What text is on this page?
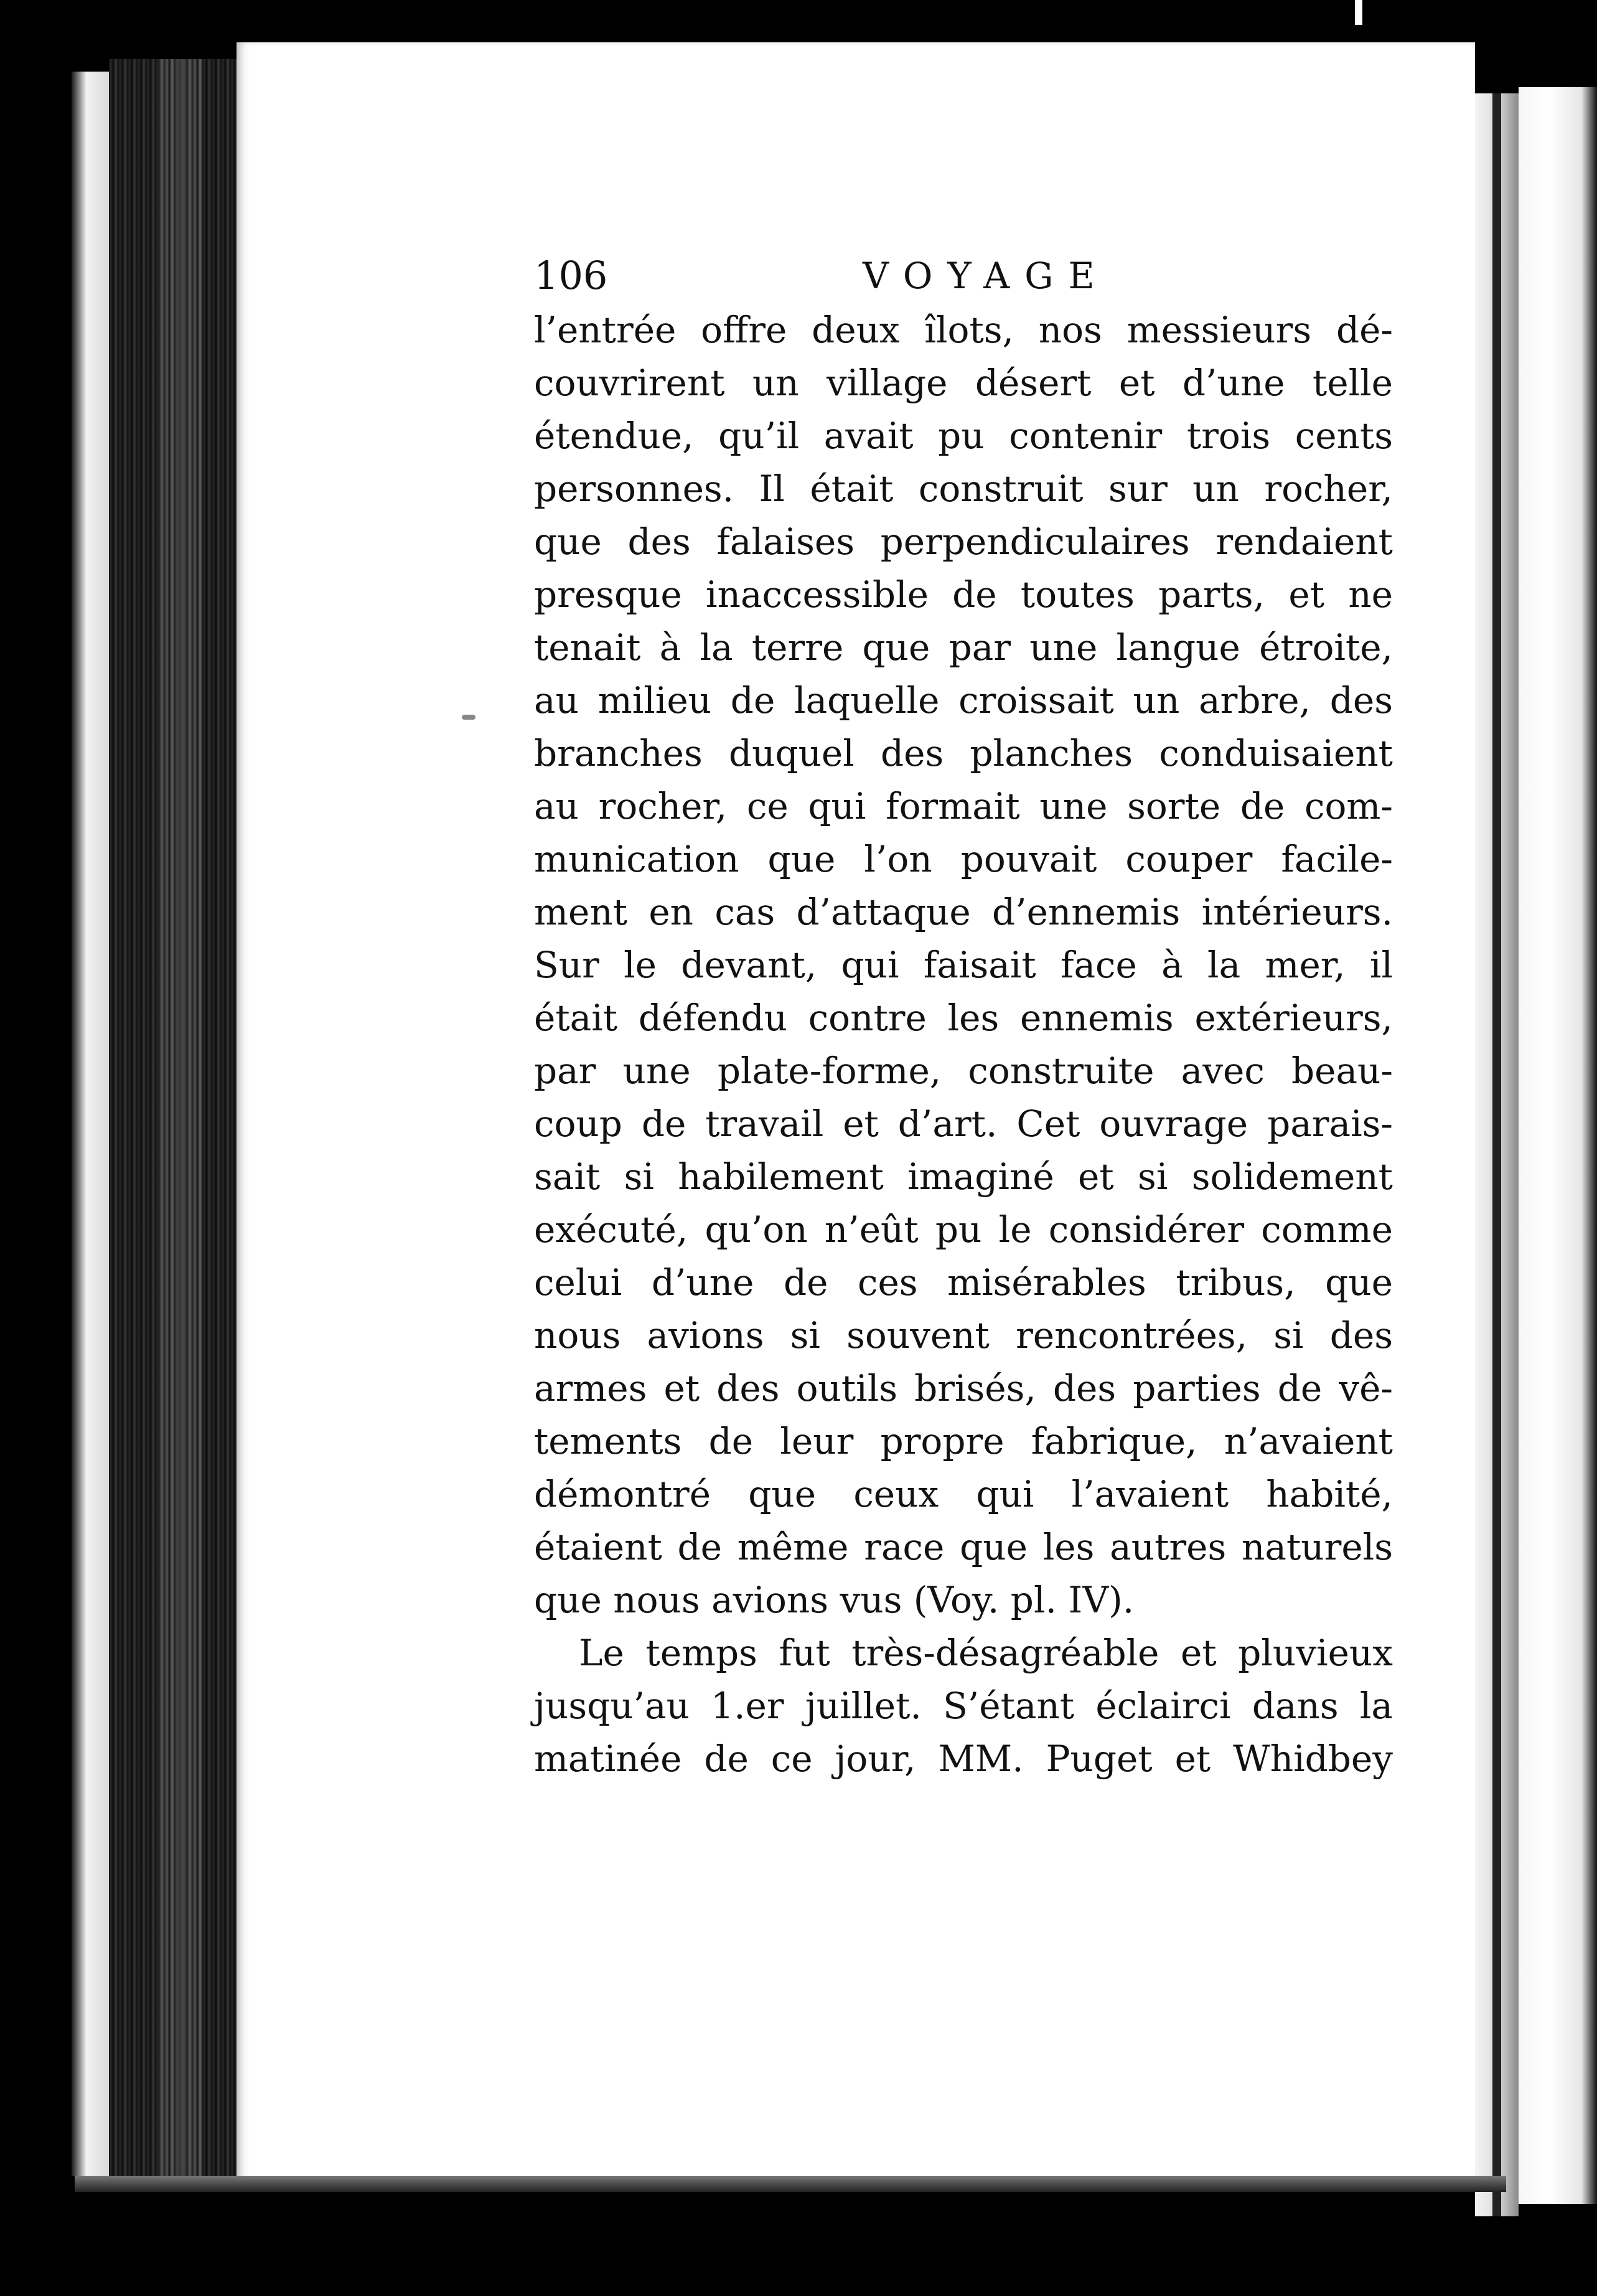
106	VOYAGE
l’entrée offre deux îlots, nos messieurs dé-
couvrirent un village désert et d’une telle
étendue, qu’il avait pu contenir trois cents
personnes. Il était construit sur un rocher,
que des falaises perpendiculaires rendaient
presque inaccessible de toutes parts, et ne
tenait à la terre que par une langue étroite,
au milieu de laquelle croissait un arbre, des
branches duquel des planches conduisaient
au rocher, ce qui formait une sorte de com-
munication que l’on pouvait couper facile-
ment en cas d’attaque d’ennemis intérieurs.
Sur le devant, qui faisait face à la mer, il
était défendu contre les ennemis extérieurs,
par une plate-forme, construite avec beau-
coup de travail et d’art. Cet ouvrage parais-
sait si habilement imaginé et si solidement
exécuté, qu’on n’eût pu le considérer comme
celui d’une de ces misérables tribus, que
nous avions si souvent rencontrées, si des
armes et des outils brisés, des parties de vê-
tements de leur propre fabrique, n’avaient
démontré que ceux qui l’avaient habité,
étaient de même race que les autres naturels
que nous avions vus (Voy. pl. IV).
Le temps fut très-désagréable et pluvieux
jusqu’au 1.er juillet. S’étant éclairci dans la
matinée de ce jour, MM. Puget et Whidbey
